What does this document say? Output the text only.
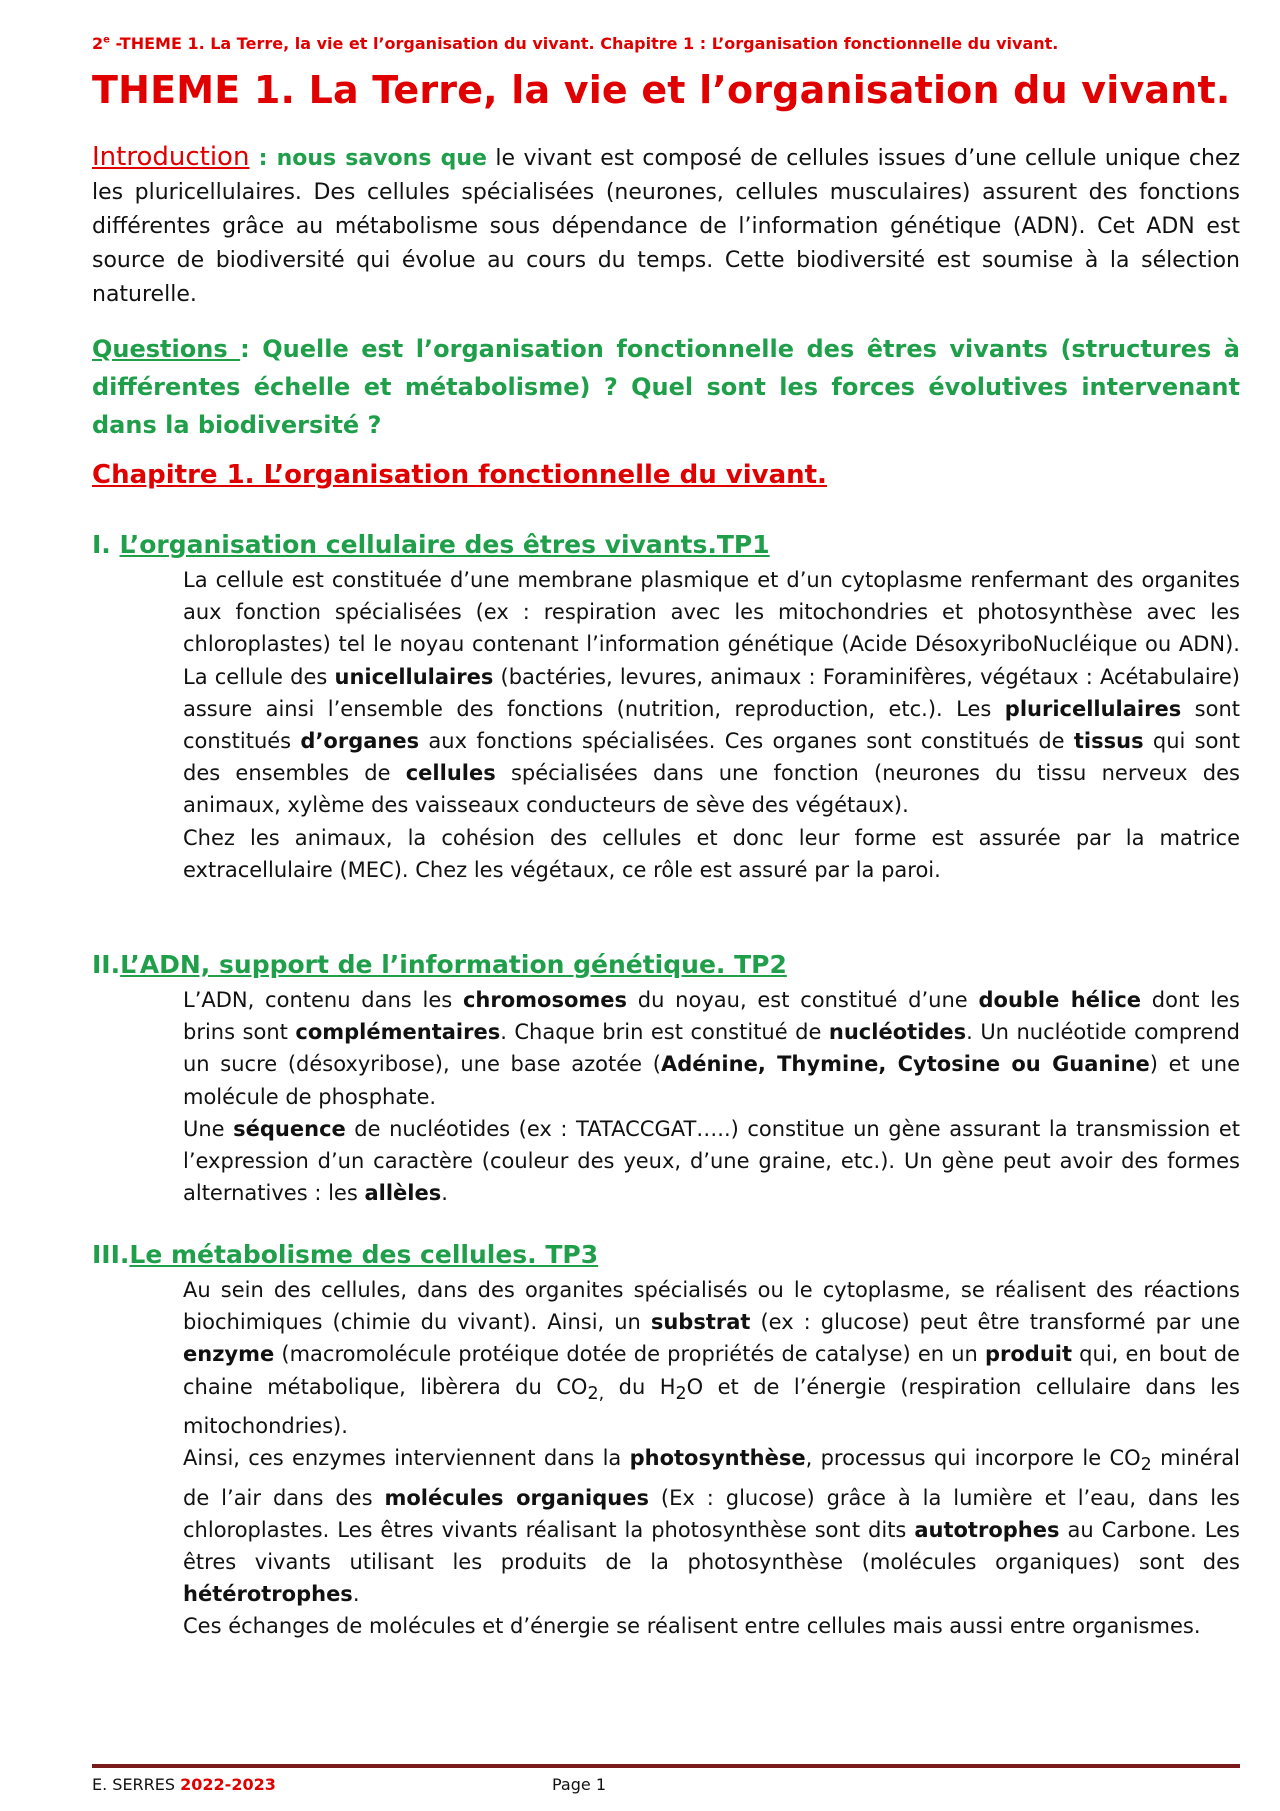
2e -THEME 1. La Terre, la vie et l’organisation du vivant. Chapitre 1 : L’organisation fonctionnelle du vivant.
THEME 1. La Terre, la vie et l’organisation du vivant.
Introduction : nous savons que le vivant est composé de cellules issues d’une cellule unique chez les pluricellulaires. Des cellules spécialisées (neurones, cellules musculaires) assurent des fonctions différentes grâce au métabolisme sous dépendance de l’information génétique (ADN). Cet ADN est source de biodiversité qui évolue au cours du temps. Cette biodiversité est soumise à la sélection naturelle.
Questions : Quelle est l’organisation fonctionnelle des êtres vivants (structures à différentes échelle et métabolisme) ? Quel sont les forces évolutives intervenant dans la biodiversité ?
Chapitre 1. L’organisation fonctionnelle du vivant.
I. L’organisation cellulaire des êtres vivants.TP1

La cellule est constituée d’une membrane plasmique et d’un cytoplasme renfermant des organites aux fonction spécialisées (ex : respiration avec les mitochondries et photosynthèse avec les chloroplastes) tel le noyau contenant l’information génétique (Acide DésoxyriboNucléique ou ADN). La cellule des unicellulaires (bactéries, levures, animaux : Foraminifères, végétaux : Acétabulaire) assure ainsi l’ensemble des fonctions (nutrition, reproduction, etc.). Les pluricellulaires sont constitués d’organes aux fonctions spécialisées. Ces organes sont constitués de tissus qui sont des ensembles de cellules spécialisées dans une fonction (neurones du tissu nerveux des animaux, xylème des vaisseaux conducteurs de sève des végétaux).

Chez les animaux, la cohésion des cellules et donc leur forme est assurée par la matrice extracellulaire (MEC). Chez les végétaux, ce rôle est assuré par la paroi.

II.L’ADN, support de l’information génétique. TP2

L’ADN, contenu dans les chromosomes du noyau, est constitué d’une double hélice dont les brins sont complémentaires. Chaque brin est constitué de nucléotides. Un nucléotide comprend un sucre (désoxyribose), une base azotée (Adénine, Thymine, Cytosine ou Guanine) et une molécule de phosphate.

Une séquence de nucléotides (ex : TATACCGAT…..) constitue un gène assurant la transmission et l’expression d’un caractère (couleur des yeux, d’une graine, etc.). Un gène peut avoir des formes alternatives : les allèles.

III.Le métabolisme des cellules. TP3

Au sein des cellules, dans des organites spécialisés ou le cytoplasme, se réalisent des réactions biochimiques (chimie du vivant). Ainsi, un substrat (ex : glucose) peut être transformé par une enzyme (macromolécule protéique dotée de propriétés de catalyse) en un produit qui, en bout de chaine métabolique, libèrera du $CO_{2,}$ du $H_2O$ et de l’énergie (respiration cellulaire dans les mitochondries).

Ainsi, ces enzymes interviennent dans la photosynthèse, processus qui incorpore le $CO_2$ minéral de l’air dans des molécules organiques (Ex : glucose) grâce à la lumière et l’eau, dans les chloroplastes. Les êtres vivants réalisant la photosynthèse sont dits autotrophes au Carbone. Les êtres vivants utilisant les produits de la photosynthèse (molécules organiques) sont des hétérotrophes.

Ces échanges de molécules et d’énergie se réalisent entre cellules mais aussi entre organismes.

E. SERRES 2022-2023	Page 1
